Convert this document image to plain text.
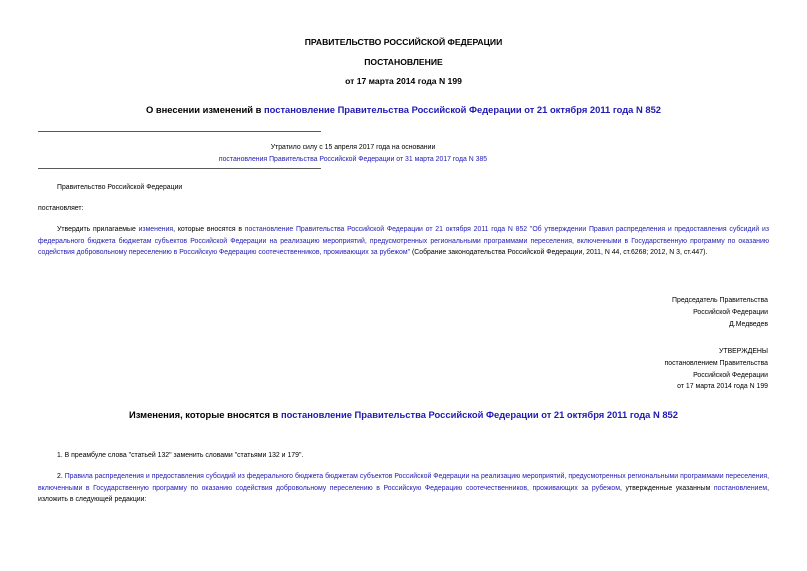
ПРАВИТЕЛЬСТВО РОССИЙСКОЙ ФЕДЕРАЦИИ
ПОСТАНОВЛЕНИЕ
от 17 марта 2014 года N 199
О внесении изменений в постановление Правительства Российской Федерации от 21 октября 2011 года N 852
Утратило силу с 15 апреля 2017 года на основании
постановления Правительства Российской Федерации от 31 марта 2017 года N 385
Правительство Российской Федерации
постановляет:
Утвердить прилагаемые изменения, которые вносятся в постановление Правительства Российской Федерации от 21 октября 2011 года N 852 "Об утверждении Правил распределения и предоставления субсидий из федерального бюджета бюджетам субъектов Российской Федерации на реализацию мероприятий, предусмотренных региональными программами переселения, включенными в Государственную программу по оказанию содействия добровольному переселению в Российскую Федерацию соотечественников, проживающих за рубежом" (Собрание законодательства Российской Федерации, 2011, N 44, ст.6268; 2012, N 3, ст.447).
Председатель Правительства
Российской Федерации
Д.Медведев
УТВЕРЖДЕНЫ
постановлением Правительства
Российской Федерации
от 17 марта 2014 года N 199
Изменения, которые вносятся в постановление Правительства Российской Федерации от 21 октября 2011 года N 852
1. В преамбуле слова "статьей 132" заменить словами "статьями 132 и 179".
2. Правила распределения и предоставления субсидий из федерального бюджета бюджетам субъектов Российской Федерации на реализацию мероприятий, предусмотренных региональными программами переселения, включенными в Государственную программу по оказанию содействия добровольному переселению в Российскую Федерацию соотечественников, проживающих за рубежом, утвержденные указанным постановлением, изложить в следующей редакции:
